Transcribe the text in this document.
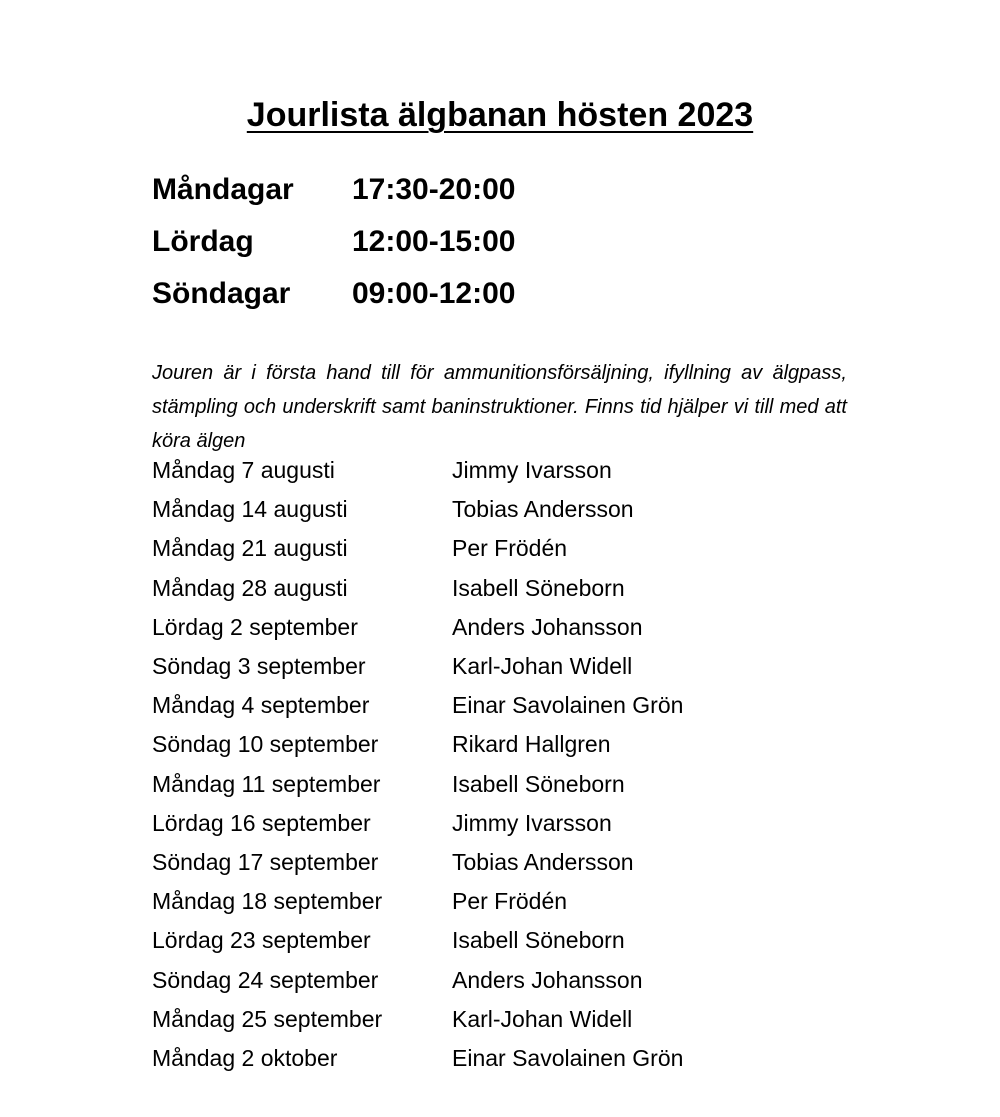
Jourlista älgbanan hösten 2023
Måndagar	17:30-20:00
Lördag	12:00-15:00
Söndagar	09:00-12:00

Jouren är i första hand till för ammunitionsförsäljning, ifyllning av älgpass, stämpling och underskrift samt baninstruktioner. Finns tid hjälper vi till med att köra älgen

Måndag 7 augusti	Jimmy Ivarsson
Måndag 14 augusti	Tobias Andersson
Måndag 21 augusti	Per Frödén
Måndag 28 augusti	Isabell Söneborn
Lördag 2 september	Anders Johansson
Söndag 3 september	Karl-Johan Widell
Måndag 4 september	Einar Savolainen Grön
Söndag 10 september	Rikard Hallgren
Måndag 11 september	Isabell Söneborn
Lördag 16 september	Jimmy Ivarsson
Söndag 17 september	Tobias Andersson
Måndag 18 september	Per Frödén
Lördag 23 september	Isabell Söneborn
Söndag 24 september	Anders Johansson
Måndag 25 september	Karl-Johan Widell
Måndag 2 oktober	Einar Savolainen Grön
